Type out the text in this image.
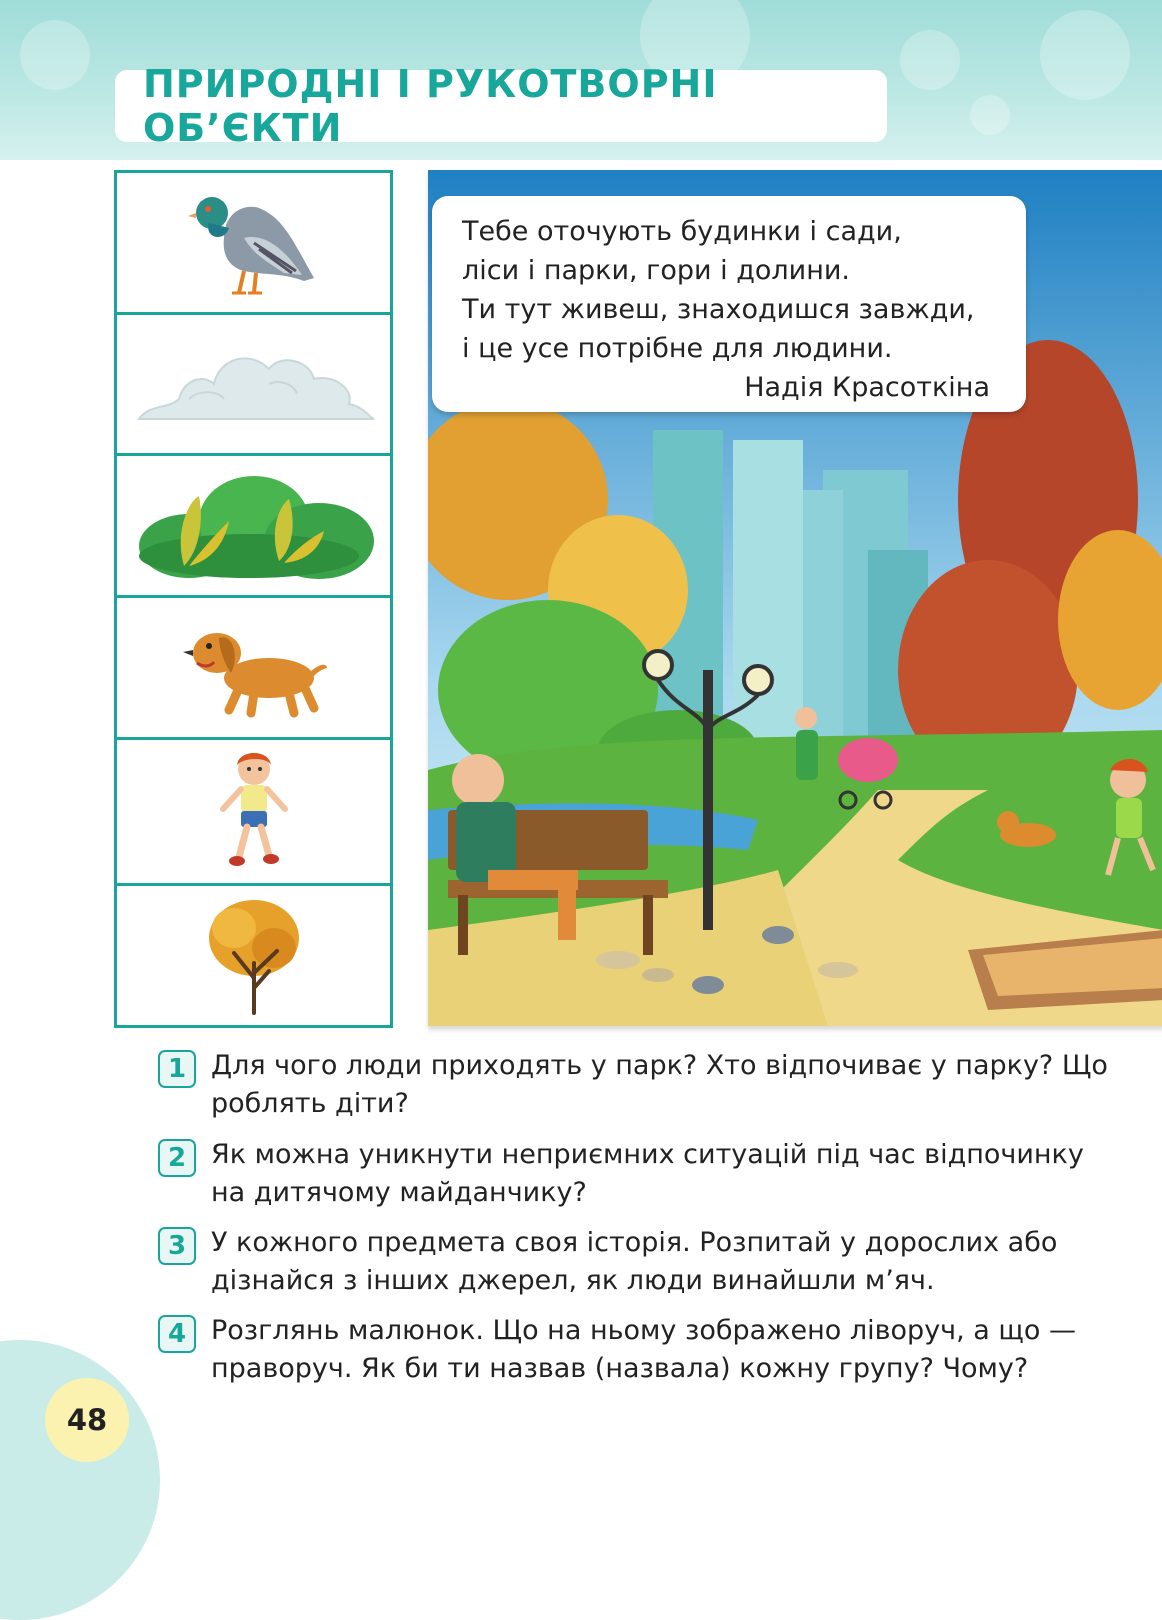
ПРИРОДНІ І РУКОТВОРНІ ОБ’ЄКТИ
Тебе оточують будинки і сади,
ліси і парки, гори і долини.
Ти тут живеш, знаходишся завжди,
і це усе потрібне для людини.
Надія Красоткіна
1 Для чого люди приходять у парк? Хто відпочиває у парку? Що роблять діти?
2 Як можна уникнути неприємних ситуацій під час відпочинку на дитячому майданчику?
3 У кожного предмета своя історія. Розпитай у дорослих або дізнайся з інших джерел, як люди винайшли м’яч.
4 Розглянь малюнок. Що на ньому зображено ліворуч, а що — праворуч. Як би ти назвав (назвала) кожну групу? Чому?
48
